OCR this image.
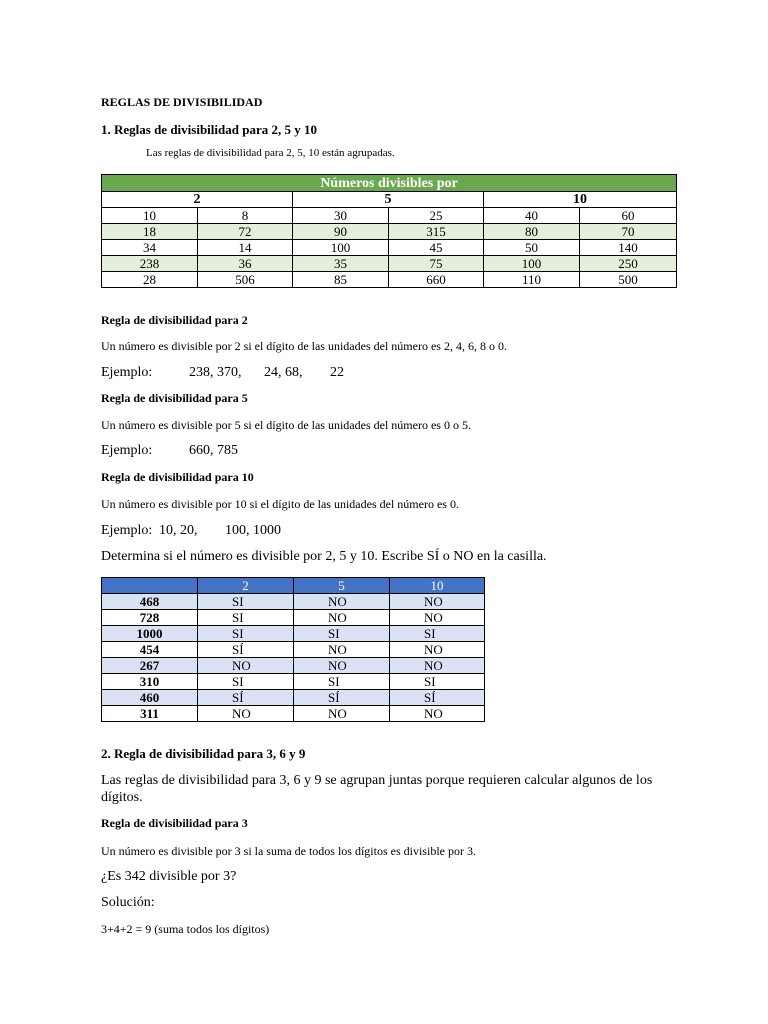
REGLAS DE DIVISIBILIDAD
1. Reglas de divisibilidad para 2, 5 y 10
Las reglas de divisibilidad para 2, 5, 10 están agrupadas.
Números divisibles por					
2		5		10	
10	8	30	25	40	60
18	72	90	315	80	70
34	14	100	45	50	140
238	36	35	75	100	250
28	506	85	660	110	500
Regla de divisibilidad para 2
Un número es divisible por 2 si el dígito de las unidades del número es 2, 4, 6, 8 o 0.
Ejemplo:	238, 370, 24, 68, 22
Regla de divisibilidad para 5
Un número es divisible por 5 si el dígito de las unidades del número es 0 o 5.
Ejemplo:	660, 785
Regla de divisibilidad para 10
Un número es divisible por 10 si el dígito de las unidades del número es 0.
Ejemplo: 10, 20, 100, 1000
Determina si el número es divisible por 2, 5 y 10. Escribe SÍ o NO en la casilla.
	2	5	10
468	SI	NO	NO
728	SI	NO	NO
1000	SI	SI	SI
454	SÍ	NO	NO
267	NO	NO	NO
310	SI	SI	SI
460	SÍ	SÍ	SÍ
311	NO	NO	NO
2. Regla de divisibilidad para 3, 6 y 9
Las reglas de divisibilidad para 3, 6 y 9 se agrupan juntas porque requieren calcular algunos de los
dígitos.
Regla de divisibilidad para 3
Un número es divisible por 3 si la suma de todos los dígitos es divisible por 3.
¿Es 342 divisible por 3?
Solución:
3+4+2 = 9 (suma todos los dígitos)
